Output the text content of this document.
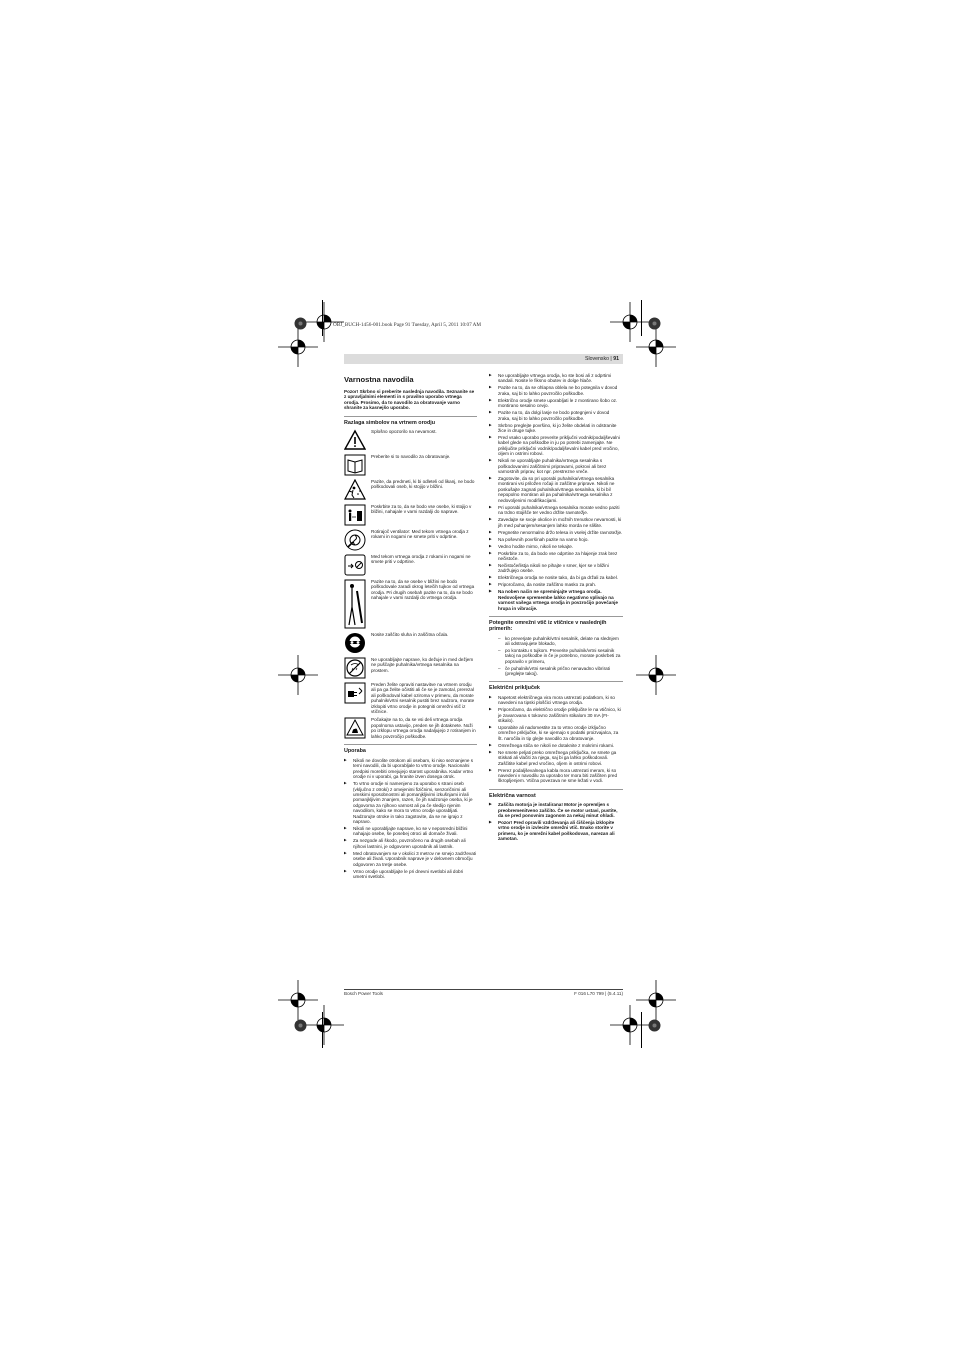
OBJ_BUCH-1456-001.book Page 91 Tuesday, April 5, 2011 10:07 AM
Slovensko | 91
Varnostna navodila
Pozor! Skrbno si preberite naslednja navodila. Seznanite se z upravljalnimi elementi in s pravilno uporabo vrtnega orodja. Prosimo, da to navodilo za obratovanje varno shranite za kasnejšo uporabo.
Razlaga simbolov na vrtnem orodju
Splošno opozorilo na nevarnost.
Preberite si to navodilo za obratovanje.
Pazite, da predmeti, ki bi odleteli od likanj, ne bodo poškodovali oseb, ki stojijo v bližini.
Poskrbite za to, da se bodo vse osebe, ki stojijo v bližini, nahajale v varni razdalji do naprave.
Rotirajoč ventilator: Med tekom vrtnega orodja z rokami in nogami ne smete priti v odprtine.
Med tekom vrtnega orodja z rokami in nogami ne smete priti v odprtine.
Pazite na to, da se osebe v bližini ne bodo poškodovale zaradi okrog letečih tujkov od vrtnega orodja. Pri drugih osebah pazite na to, da se bodo nahajale v varni razdalji do vrtnega orodja.
Nosite zaščito sluha in zaščitna očala.
Ne uporabljajte naprave, ko dežuje in med dežjem ne puščajte puhalnika/vrtnega sesalnika na prostem.
Preden želite opraviti nastavitve na vrtnem orodju ali pa ga želite očistiti ali če se je zamotal, prerezal ali poškodoval kabel oziroma v primeru, da morate puhalnik/vrtni sesalnik pustiti brez nadzora, morate izklopiti vrtno orodje in potegniti omrežni vtič iz vtičnice.
Počakajte na to, da se vsi deli vrtnega orodja popolnoma ustavijo, preden se jih dotaknete. Noži po izklopu vrtnega orodja nadaljujejo z rotiranjem in lahko povzročijo poškodbe.
Uporaba
▶ Nikoli ne dovolite otrokom ali osebam, ki niso seznanjene s temi navodili, da bi uporabljale to vrtno orodje. Nacionalni predpisi morebiti omejujejo starost uporabnika. Kadar vrtno orodje ni v uporabi, ga hranite izven dosega otrok.
▶ To vrtno orodje ni namenjeno za uporabo s strani oseb (vključno z otroki) z omejenimi fizičnimi, senzoričnimi ali umskimi sposobnostmi ali pomanjkljivimi izkušnjami in/ali pomanjkljivim znanjem, razen, če jih nadzoruje oseba, ki je odgovorna za njihovo varnost ali pa če sledijo njenim navodilom, kako se mora to vrtno orodje uporabljati. Nadzorujte otroke in tako zagotovite, da se ne igrajo z napravo.
▶ Nikoli ne uporabljajte naprave, ko se v neposredni bližini nahajajo osebe, še posebej otroci ali domače živali.
▶ Za nezgode ali škodo, povzročeno na drugih osebah ali njihovi lastnini, je odgovoren uporabnik ali lastnik.
▶ Med obratovanjem se v okolici 3 metrov ne smejo zadrževati osebe ali živali. Uporabnik naprave je v delovnem območju odgovoren za tretje osebe.
▶ Vrtno orodje uporabljajte le pri dnevni svetlobi ali dobri umetni svetlobi.
▶ Ne uporabljajte vrtnega orodja, ko ste bosi ali z odprtimi sandali. Nosite le fiksno obutev in dolge hlače.
▶ Pazite na to, da se ohlapna oblela ne bo potegnila v dovod zraka, saj bi to lahko povzročilo poškodbe.
▶ Električno orodje smete uporabljati le z montirano šobo oz. montirano sesalno cevjo.
▶ Pazite na to, da dolgi lasje ne bodo potegnjeni v dovod zraka, saj bi to lahko povzročilo poškodbe.
▶ Skrbno preglejte površino, ki jo želite obdelati in odstranite žice in druge tujke.
▶ Pred vsako uporabo preverite priključni vodnik/podaljševalni kabel glede na poškodbe in ju po potrebi zamenjajte. Ne priključite priključni vodnik/podaljševalni kabel pred vročino, oljem in ostrimi robovi.
▶ Nikoli ne uporabljajte puhalnika/vrtnega sesalnika s poškodovanimi zaščitnimi pripravami, pokrovi ali brez varnostnih priprav, kot npr. prestrezne vreče.
▶ Zagotovite, da so pri uporabi puhalnika/vrtnega sesalnika montirani vsi priložen ročaji in zaščitne priprave. Nikoli ne poskušajte zagnati puhalnika/vrtnega sesalnika, ki bi bil nepopolno montiran ali pa puhalnika/vrtnega sesalnika z nedovoljenimi modifikacijami.
▶ Pri uporabi puhalnika/vrtnega sesalnika morate vedno paziti na trdno stojišče ter vedno držite ravnotežje.
▶ Zavedajte se svoje okolice in možnih trenutkov nevarnosti, ki jih med puhanjem/sesanjem lahko morda ne slišite.
▶ Pregnetite nenormalno držo telesa in vselej držite ravnotežje.
▶ Na poševnih površinah pazite na varno hojo.
▶ Vedno hodite mirno, nikoli ne tekajte.
▶ Poskrbite za to, da bodo vse odprtine za hlajenje zrak brez nečistoče.
▶ Nečistoče/listja nikoli ne pihajte v smer, kjer se v bližini zadržujejo osebe.
▶ Električnega orodja ne nosite tako, da bi ga držali za kabel.
▶ Priporočamo, da nosite zaščitno masko za prah.
▶ Na noben način ne spreminjajte vrtnega orodja. Nedovoljene spremembe lahko negativno vplivajo na varnost vašega vrtnega orodja in povzročijo povečanje hrupa in vibracije.
Potegnite omrežni vtič iz vtičnice v naslednjih primerih:
– ko preverjate puhalnik/vrtni sesalnik, delate na slednjem ali odstranjujete blokado,
– po kontaktu s tujkom. Preverite puhalnik/vrtni sesalnik takoj na poškodbe in če je potrebno, morate poskrbeti za popravilo v primeru,
– če puhalnik/vrtni sesalnik prično nenavadno vibrirati (preglejte takoj).
Električni priključek
▶ Napetost električnega vira mora ustrezati podatkom, ki so navedeni na tipski ploščici vrtnega orodja.
▶ Priporočamo, da električno orodje priključite le na vtičnico, ki je zavarovana s tokovno zaščitnim stikalom 30 mA (FI-stikalo).
▶ Uporabite ali nadomestite za to vrtno orodje izključno omrežne priključke, ki se ujemajo s podatki proizvajalca, za št. naročila in tip glejte navodilo za obratovanje.
▶ Omrežnega stiča se nikoli ne dotaknite z mokrimi rokami.
▶ Ne smete peljati preko omrežnega priključka, ne smete ga stiskati ali vlačiti za njega, saj bi ga lahko poškodovali. Zaščitite kabel pred vročino, oljem in ostrimi robovi.
▶ Prerez podaljševalnega kabla mora ustrezati meram, ki so navedeni v navodilu za uporabo ter mora biti zaščiten pred škropljenjem. Vtična povezava ne sme ležati v vodi.
Električna varnost
▶ Zaščita motorja je instalirana! Motor je opremljen s preobremenitveno zaščito. Če se motor ustavi, pustite, da se pred ponovnim zagonom za nekaj minut ohladi.
▶ Pozor! Pred opravili vzdrževanja ali čiščenja izklopite vrtno orodje in izvlecite omrežni vtič. Enako storite v primeru, ko je omrežni kabel poškodovan, narezan ali zamotan.
Bosch Power Tools	F 016 L70 799 | (5.4.11)
